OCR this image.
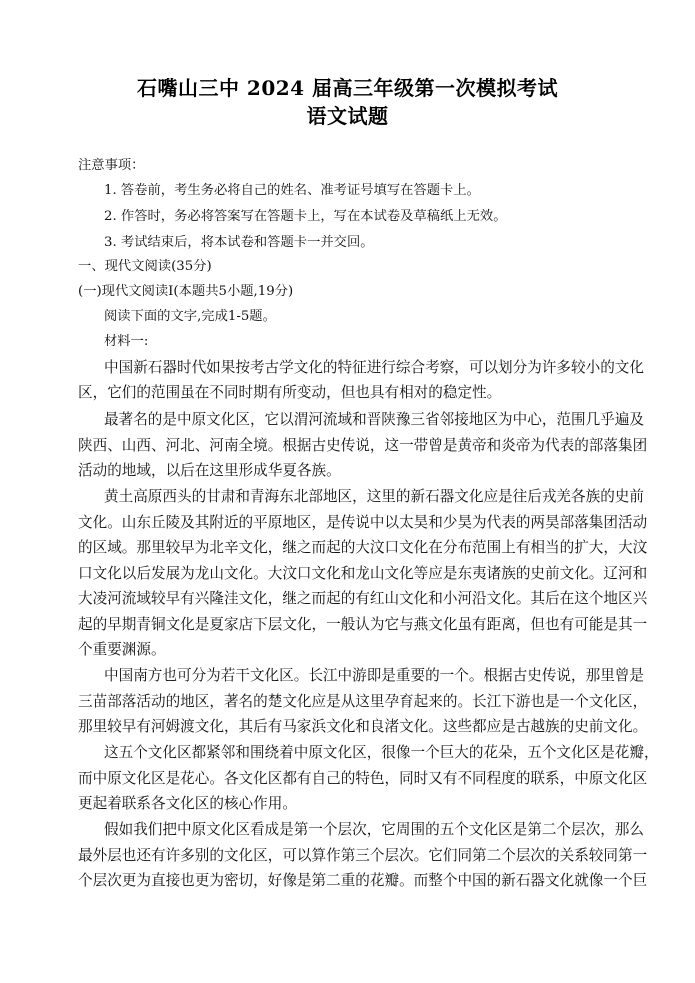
石嘴山三中 2024 届高三年级第一次模拟考试
语文试题
注意事项：
1. 答卷前，考生务必将自己的姓名、准考证号填写在答题卡上。
2. 作答时，务必将答案写在答题卡上，写在本试卷及草稿纸上无效。
3. 考试结束后，将本试卷和答题卡一并交回。
一、现代文阅读(35分)
(一)现代文阅读Ⅰ(本题共5小题,19分)
阅读下面的文字,完成1-5题。
材料一:
中国新石器时代如果按考古学文化的特征进行综合考察，可以划分为许多较小的文化
区，它们的范围虽在不同时期有所变动，但也具有相对的稳定性。
最著名的是中原文化区，它以渭河流域和晋陕豫三省邻接地区为中心，范围几乎遍及
陕西、山西、河北、河南全境。根据古史传说，这一带曾是黄帝和炎帝为代表的部落集团
活动的地域，以后在这里形成华夏各族。
黄土高原西头的甘肃和青海东北部地区，这里的新石器文化应是往后戎羌各族的史前
文化。山东丘陵及其附近的平原地区，是传说中以太昊和少昊为代表的两昊部落集团活动
的区域。那里较早为北辛文化，继之而起的大汶口文化在分布范围上有相当的扩大，大汶
口文化以后发展为龙山文化。大汶口文化和龙山文化等应是东夷诸族的史前文化。辽河和
大凌河流域较早有兴隆洼文化，继之而起的有红山文化和小河沿文化。其后在这个地区兴
起的早期青铜文化是夏家店下层文化，一般认为它与燕文化虽有距离，但也有可能是其一
个重要渊源。
中国南方也可分为若干文化区。长江中游即是重要的一个。根据古史传说，那里曾是
三苗部落活动的地区，著名的楚文化应是从这里孕育起来的。长江下游也是一个文化区，
那里较早有河姆渡文化，其后有马家浜文化和良渚文化。这些都应是古越族的史前文化。
这五个文化区都紧邻和围绕着中原文化区，很像一个巨大的花朵，五个文化区是花瓣，
而中原文化区是花心。各文化区都有自己的特色，同时又有不同程度的联系，中原文化区
更起着联系各文化区的核心作用。
假如我们把中原文化区看成是第一个层次，它周围的五个文化区是第二个层次，那么
最外层也还有许多别的文化区，可以算作第三个层次。它们同第二个层次的关系较同第一
个层次更为直接也更为密切，好像是第二重的花瓣。而整个中国的新石器文化就像一个巨
